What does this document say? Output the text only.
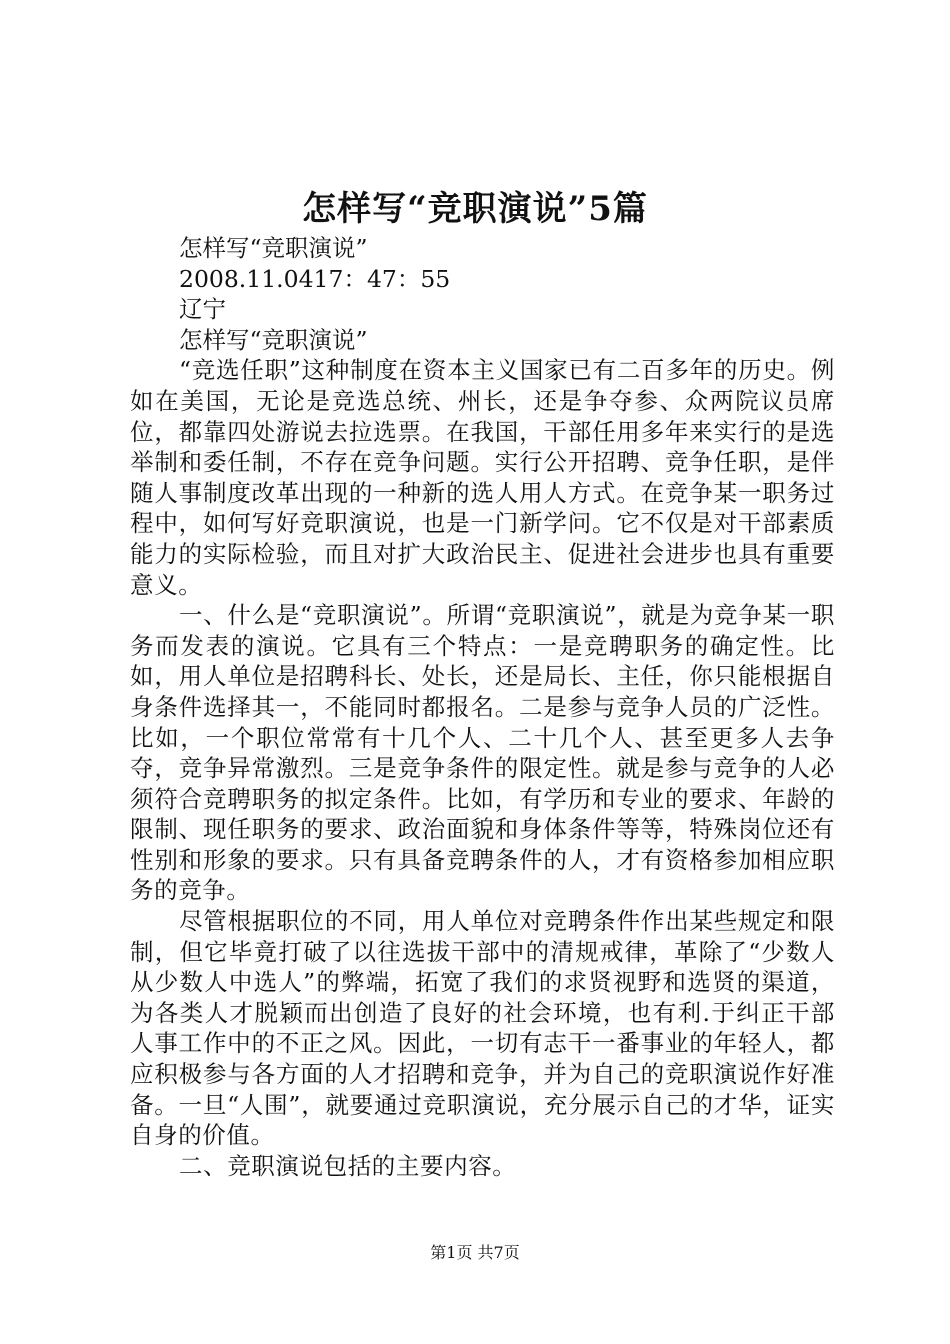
怎样写“竞职演说”5篇

怎样写“竞职演说”

2008.11.0417：47：55

辽宁

怎样写“竞职演说”

“竞选任职”这种制度在资本主义国家已有二百多年的历史。例如在美国，无论是竞选总统、州长，还是争夺参、众两院议员席位，都靠四处游说去拉选票。在我国，干部任用多年来实行的是选举制和委任制，不存在竞争问题。实行公开招聘、竞争任职，是伴随人事制度改革出现的一种新的选人用人方式。在竞争某一职务过程中，如何写好竞职演说，也是一门新学问。它不仅是对干部素质能力的实际检验，而且对扩大政治民主、促进社会进步也具有重要意义。

一、什么是“竞职演说”。所谓“竞职演说”，就是为竞争某一职务而发表的演说。它具有三个特点：一是竞聘职务的确定性。比如，用人单位是招聘科长、处长，还是局长、主任，你只能根据自身条件选择其一，不能同时都报名。二是参与竞争人员的广泛性。比如，一个职位常常有十几个人、二十几个人、甚至更多人去争夺，竞争异常激烈。三是竞争条件的限定性。就是参与竞争的人必须符合竞聘职务的拟定条件。比如，有学历和专业的要求、年龄的限制、现任职务的要求、政治面貌和身体条件等等，特殊岗位还有性别和形象的要求。只有具备竞聘条件的人，才有资格参加相应职务的竞争。

尽管根据职位的不同，用人单位对竞聘条件作出某些规定和限制，但它毕竟打破了以往选拔干部中的清规戒律，革除了“少数人从少数人中选人”的弊端，拓宽了我们的求贤视野和选贤的渠道，为各类人才脱颖而出创造了良好的社会环境，也有利.于纠正干部人事工作中的不正之风。因此，一切有志干一番事业的年轻人，都应积极参与各方面的人才招聘和竞争，并为自己的竞职演说作好准备。一旦“人围”，就要通过竞职演说，充分展示自己的才华，证实自身的价值。

二、竞职演说包括的主要内容。

第1页 共7页
